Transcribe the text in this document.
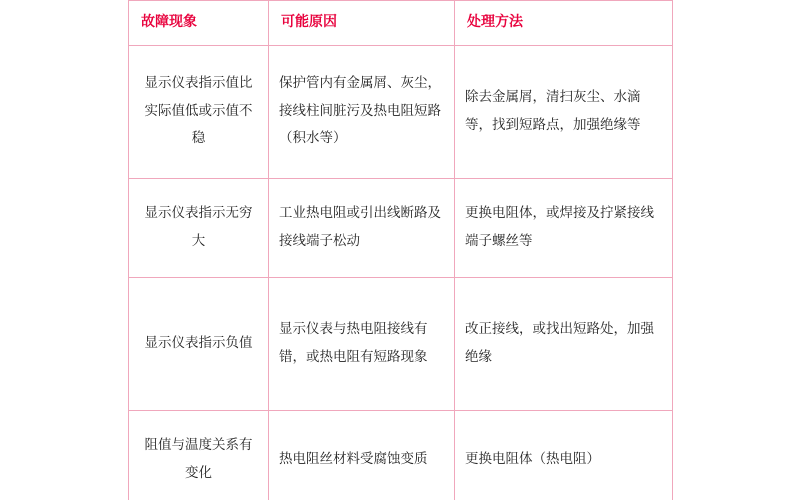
故障现象	可能原因	处理方法
显示仪表指示值比实际值低或示值不稳	保护管内有金属屑、灰尘，接线柱间脏污及热电阻短路（积水等）	除去金属屑，清扫灰尘、水滴等，找到短路点，加强绝缘等
显示仪表指示无穷大	工业热电阻或引出线断路及接线端子松动	更换电阻体，或焊接及拧紧接线端子螺丝等
显示仪表指示负值	显示仪表与热电阻接线有错，或热电阻有短路现象	改正接线，或找出短路处，加强绝缘
阻值与温度关系有变化	热电阻丝材料受腐蚀变质	更换电阻体（热电阻）
